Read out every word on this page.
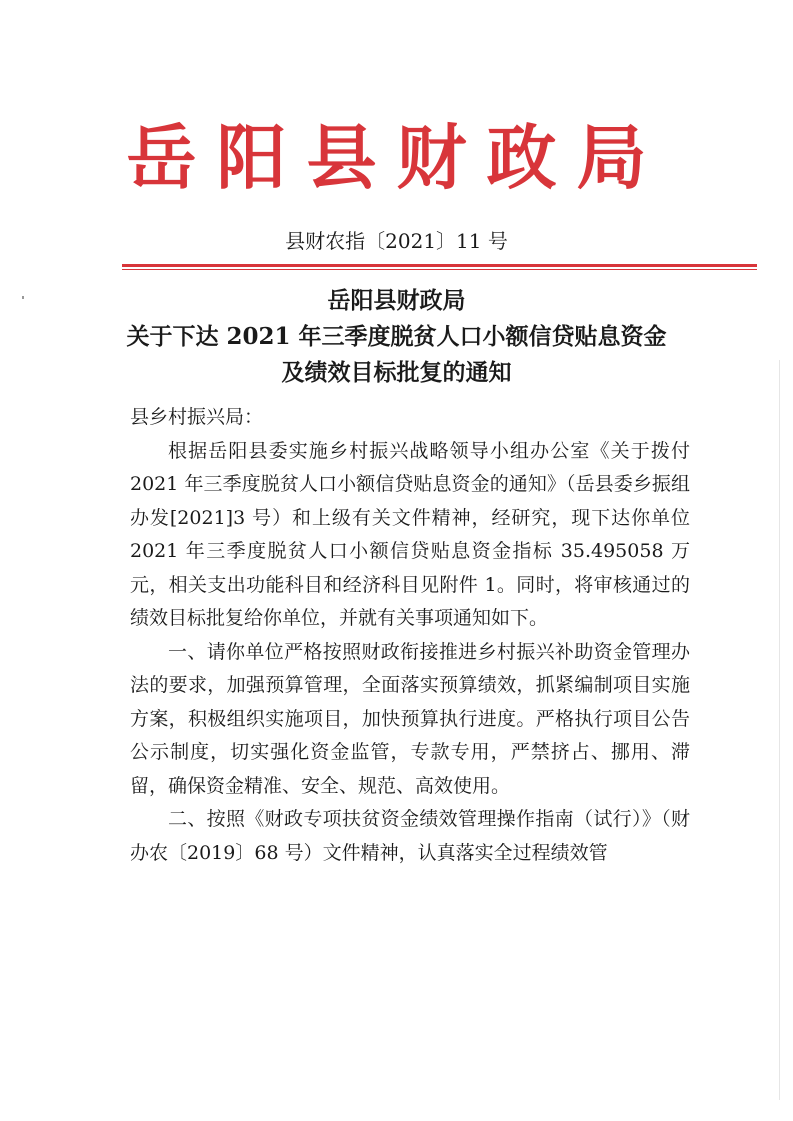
岳阳县财政局
县财农指〔2021〕11 号
岳阳县财政局
关于下达 2021 年三季度脱贫人口小额信贷贴息资金
及绩效目标批复的通知

县乡村振兴局：

根据岳阳县委实施乡村振兴战略领导小组办公室《关于拨付 2021 年三季度脱贫人口小额信贷贴息资金的通知》（岳县委乡振组办发[2021]3 号）和上级有关文件精神，经研究，现下达你单位 2021 年三季度脱贫人口小额信贷贴息资金指标 35.495058 万元，相关支出功能科目和经济科目见附件 1。同时，将审核通过的绩效目标批复给你单位，并就有关事项通知如下。

一、请你单位严格按照财政衔接推进乡村振兴补助资金管理办法的要求，加强预算管理，全面落实预算绩效，抓紧编制项目实施方案，积极组织实施项目，加快预算执行进度。严格执行项目公告公示制度，切实强化资金监管，专款专用，严禁挤占、挪用、滞留，确保资金精准、安全、规范、高效使用。

二、按照《财政专项扶贫资金绩效管理操作指南（试行）》（财办农〔2019〕68 号）文件精神，认真落实全过程绩效管
